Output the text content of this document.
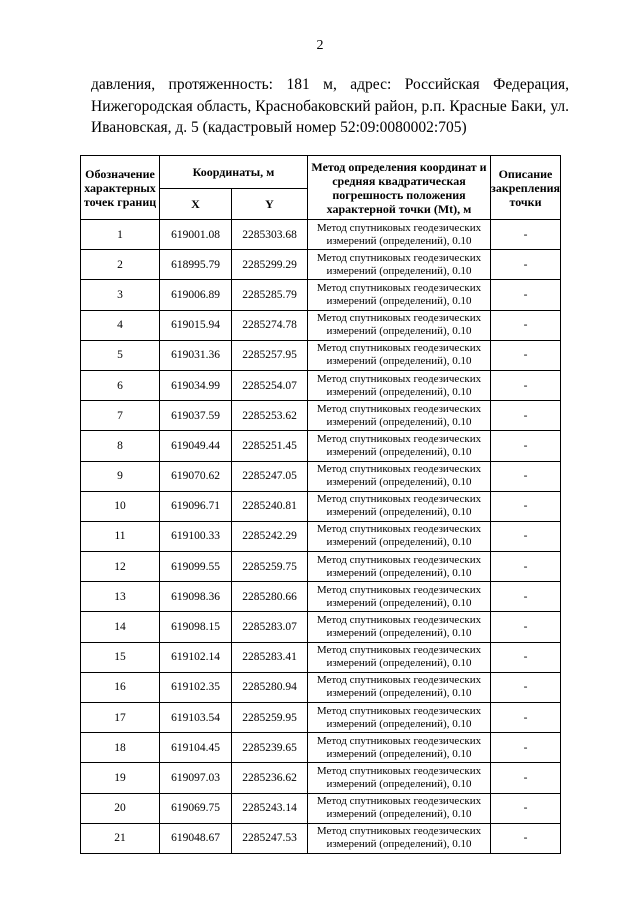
2
давления, протяженность: 181 м, адрес: Российская Федерация,
Нижегородская область, Краснобаковский район, р.п. Красные Баки, ул.
Ивановская, д. 5 (кадастровый номер 52:09:0080002:705)
Обозначение характерных точек границ	Координаты, м		Метод определения координат и средняя квадратическая погрешность положения характерной точки (Mt), м	Описание закрепления точки
	X	Y		
1	619001.08	2285303.68	Метод спутниковых геодезических измерений (определений), 0.10	-
2	618995.79	2285299.29	Метод спутниковых геодезических измерений (определений), 0.10	-
3	619006.89	2285285.79	Метод спутниковых геодезических измерений (определений), 0.10	-
4	619015.94	2285274.78	Метод спутниковых геодезических измерений (определений), 0.10	-
5	619031.36	2285257.95	Метод спутниковых геодезических измерений (определений), 0.10	-
6	619034.99	2285254.07	Метод спутниковых геодезических измерений (определений), 0.10	-
7	619037.59	2285253.62	Метод спутниковых геодезических измерений (определений), 0.10	-
8	619049.44	2285251.45	Метод спутниковых геодезических измерений (определений), 0.10	-
9	619070.62	2285247.05	Метод спутниковых геодезических измерений (определений), 0.10	-
10	619096.71	2285240.81	Метод спутниковых геодезических измерений (определений), 0.10	-
11	619100.33	2285242.29	Метод спутниковых геодезических измерений (определений), 0.10	-
12	619099.55	2285259.75	Метод спутниковых геодезических измерений (определений), 0.10	-
13	619098.36	2285280.66	Метод спутниковых геодезических измерений (определений), 0.10	-
14	619098.15	2285283.07	Метод спутниковых геодезических измерений (определений), 0.10	-
15	619102.14	2285283.41	Метод спутниковых геодезических измерений (определений), 0.10	-
16	619102.35	2285280.94	Метод спутниковых геодезических измерений (определений), 0.10	-
17	619103.54	2285259.95	Метод спутниковых геодезических измерений (определений), 0.10	-
18	619104.45	2285239.65	Метод спутниковых геодезических измерений (определений), 0.10	-
19	619097.03	2285236.62	Метод спутниковых геодезических измерений (определений), 0.10	-
20	619069.75	2285243.14	Метод спутниковых геодезических измерений (определений), 0.10	-
21	619048.67	2285247.53	Метод спутниковых геодезических измерений (определений), 0.10	-
